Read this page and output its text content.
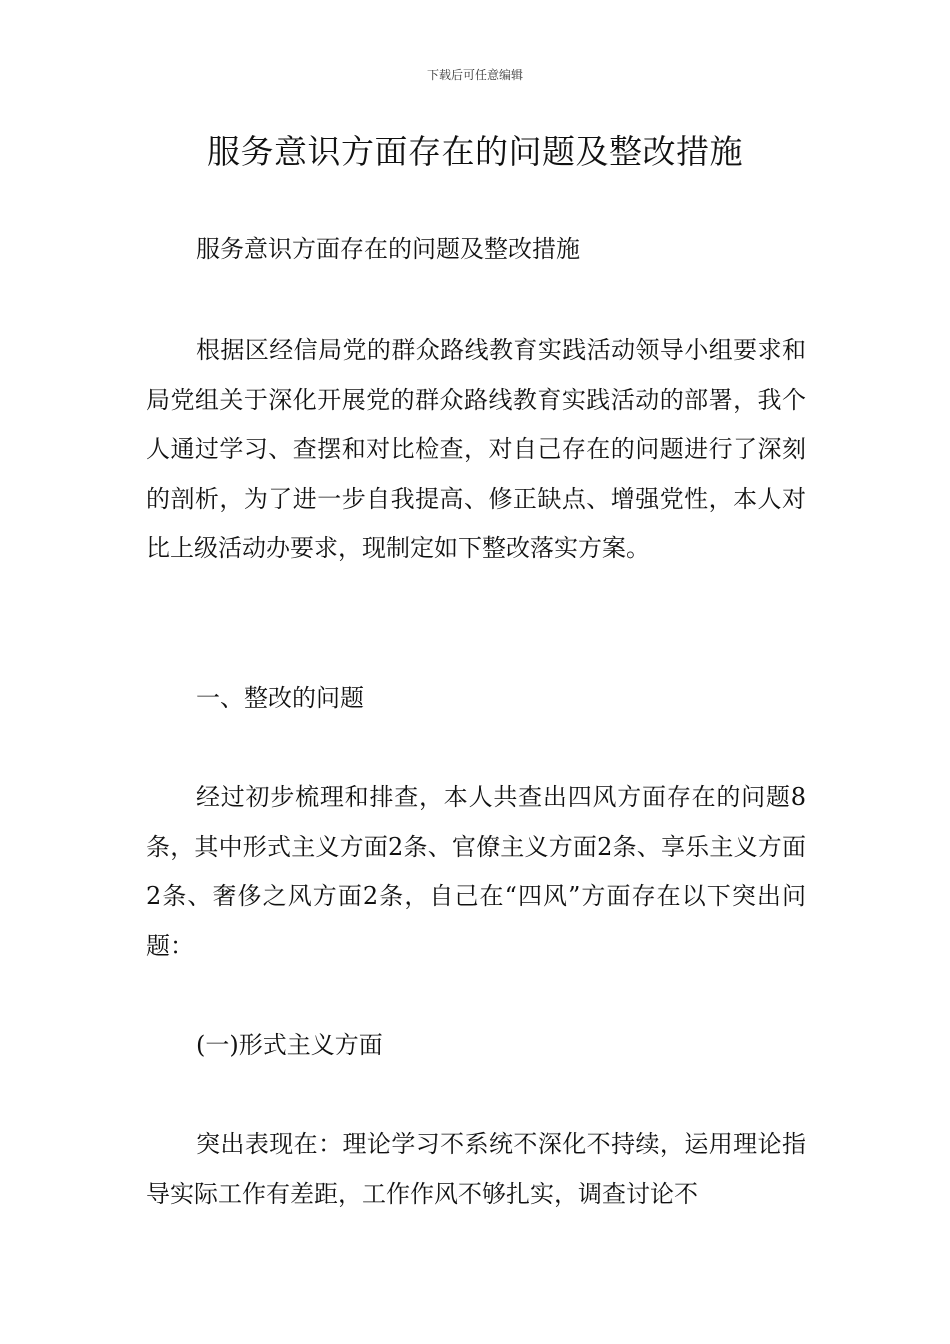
下载后可任意编辑
服务意识方面存在的问题及整改措施
服务意识方面存在的问题及整改措施
根据区经信局党的群众路线教育实践活动领导小组要求和局党组关于深化开展党的群众路线教育实践活动的部署，我个人通过学习、查摆和对比检查，对自己存在的问题进行了深刻的剖析，为了进一步自我提高、修正缺点、增强党性，本人对比上级活动办要求，现制定如下整改落实方案。
一、整改的问题
经过初步梳理和排查，本人共查出四风方面存在的问题8条，其中形式主义方面2条、官僚主义方面2条、享乐主义方面2条、奢侈之风方面2条，自己在“四风”方面存在以下突出问题：
(一)形式主义方面
突出表现在：理论学习不系统不深化不持续，运用理论指导实际工作有差距，工作作风不够扎实，调查讨论不
